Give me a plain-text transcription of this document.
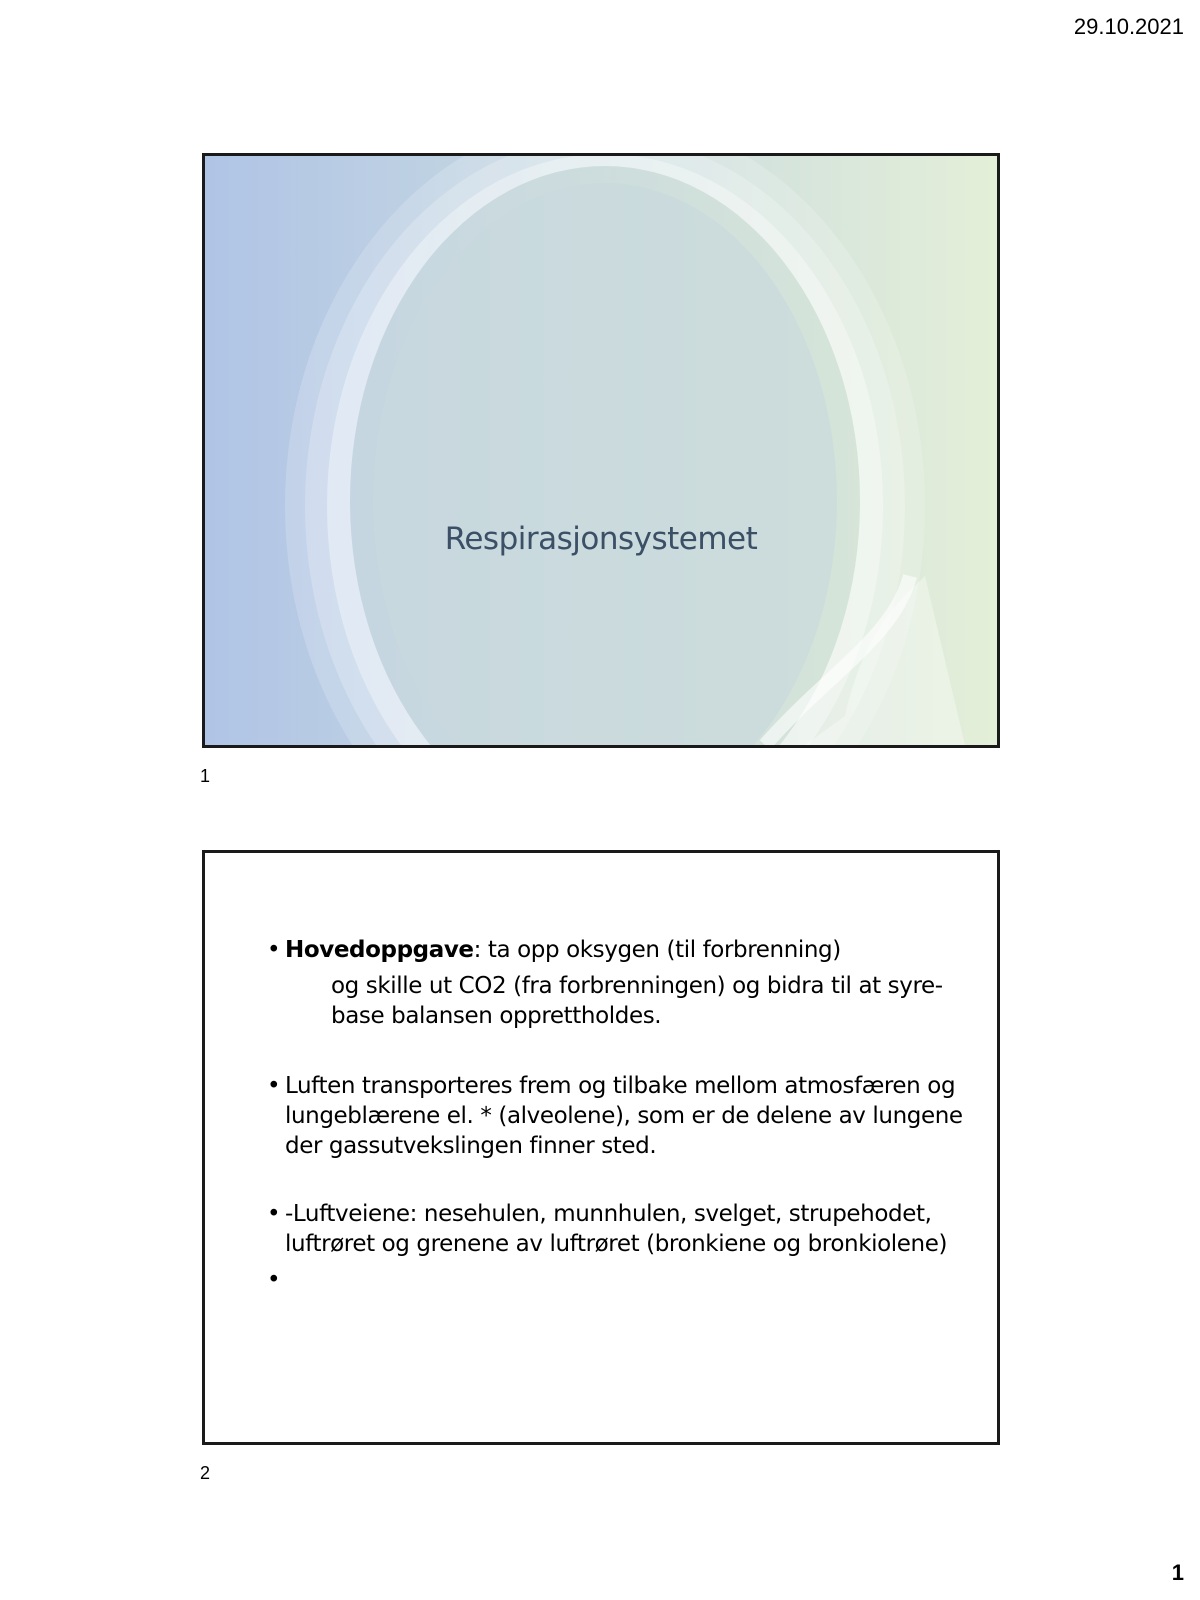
29.10.2021
Respirasjonsystemet
1
• Hovedoppgave: ta opp oksygen (til forbrenning)
og skille ut CO2 (fra forbrenningen) og bidra til at syre-base balansen opprettholdes.
• Luften transporteres frem og tilbake mellom atmosfæren og lungeblærene el. * (alveolene), som er de delene av lungene der gassutvekslingen finner sted.
• -Luftveiene: nesehulen, munnhulen, svelget, strupehodet, luftrøret og grenene av luftrøret (bronkiene og bronkiolene)
•
2
1
